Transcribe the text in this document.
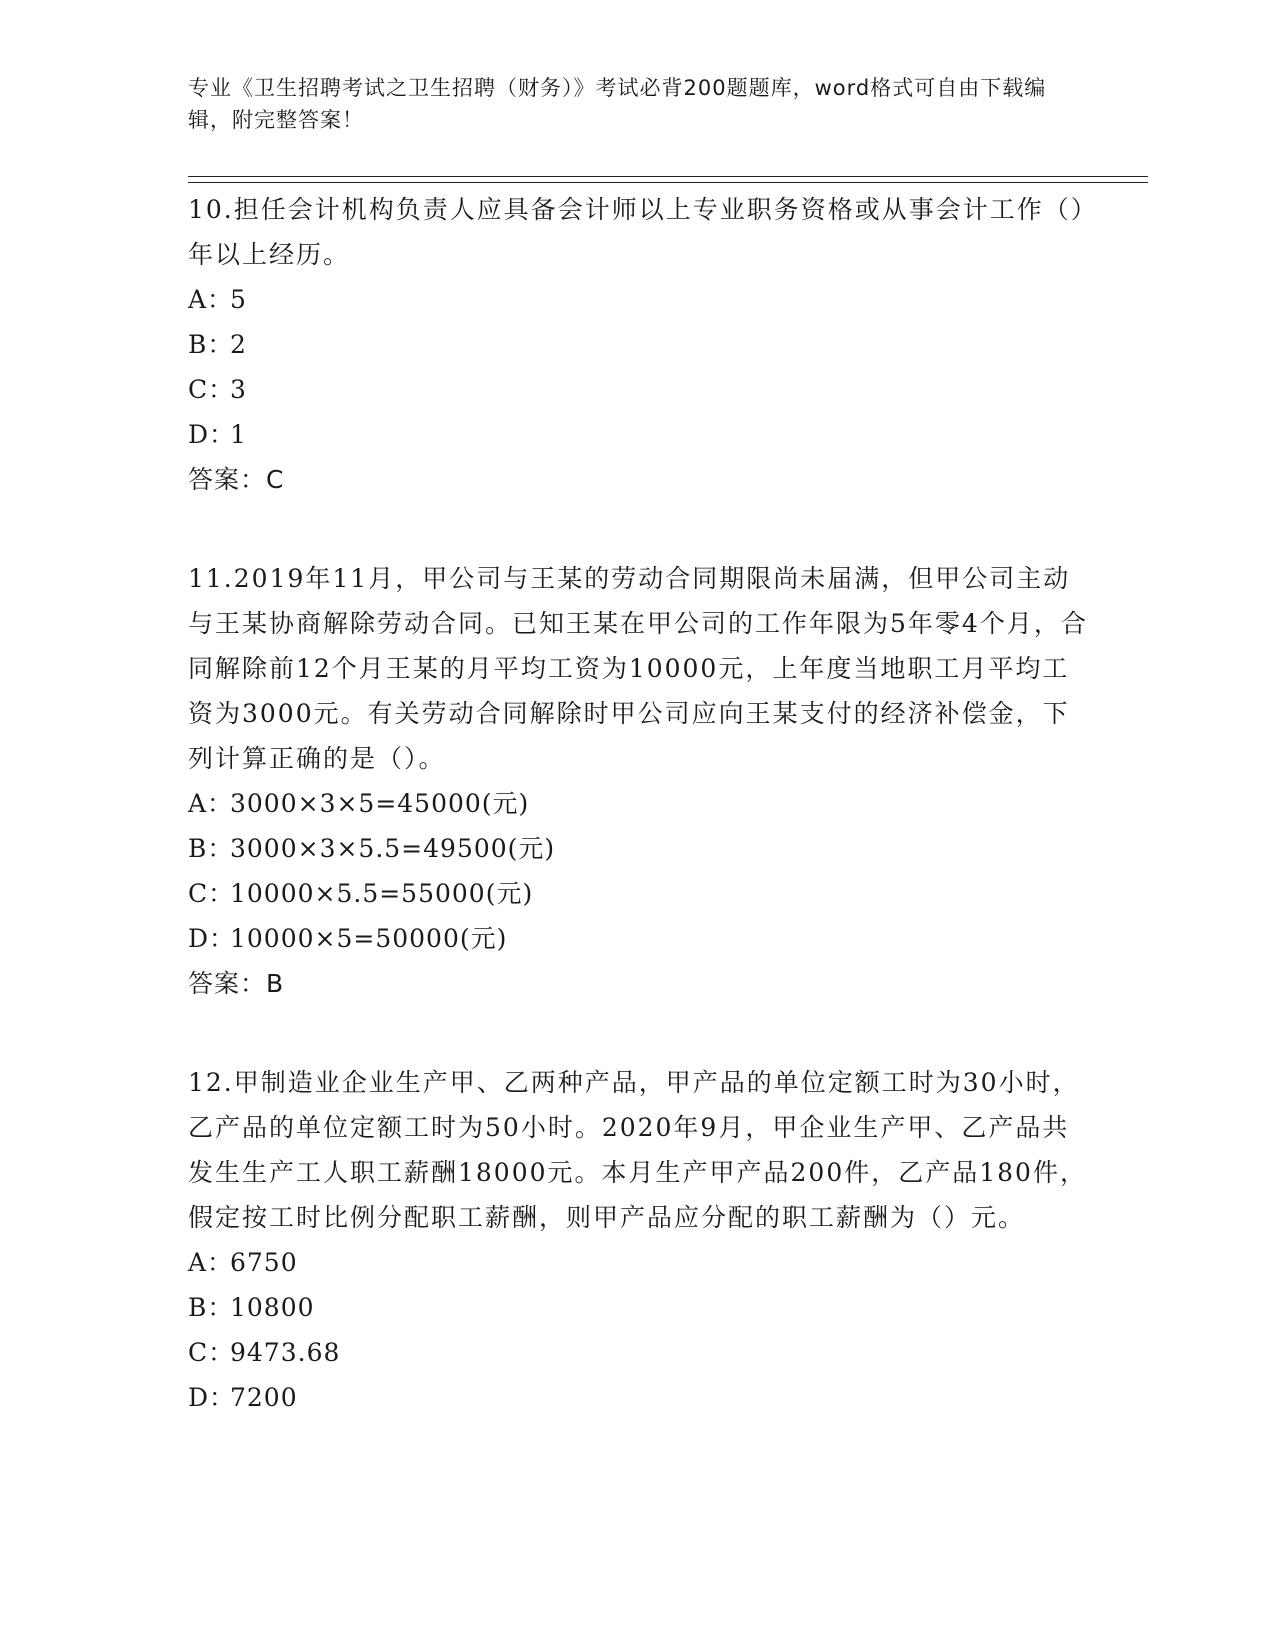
专业《卫生招聘考试之卫生招聘（财务）》考试必背200题题库，word格式可自由下载编辑，附完整答案！

10.担任会计机构负责人应具备会计师以上专业职务资格或从事会计工作（）年以上经历。

A：5

B：2

C：3

D：1

答案：C

11.2019年11月，甲公司与王某的劳动合同期限尚未届满，但甲公司主动与王某协商解除劳动合同。已知王某在甲公司的工作年限为5年零4个月，合同解除前12个月王某的月平均工资为10000元，上年度当地职工月平均工资为3000元。有关劳动合同解除时甲公司应向王某支付的经济补偿金，下列计算正确的是（）。

A：3000×3×5=45000(元)

B：3000×3×5.5=49500(元)

C：10000×5.5=55000(元)

D：10000×5=50000(元)

答案：B

12.甲制造业企业生产甲、乙两种产品，甲产品的单位定额工时为30小时，乙产品的单位定额工时为50小时。2020年9月，甲企业生产甲、乙产品共发生生产工人职工薪酬18000元。本月生产甲产品200件，乙产品180件，假定按工时比例分配职工薪酬，则甲产品应分配的职工薪酬为（）元。

A：6750

B：10800

C：9473.68

D：7200
